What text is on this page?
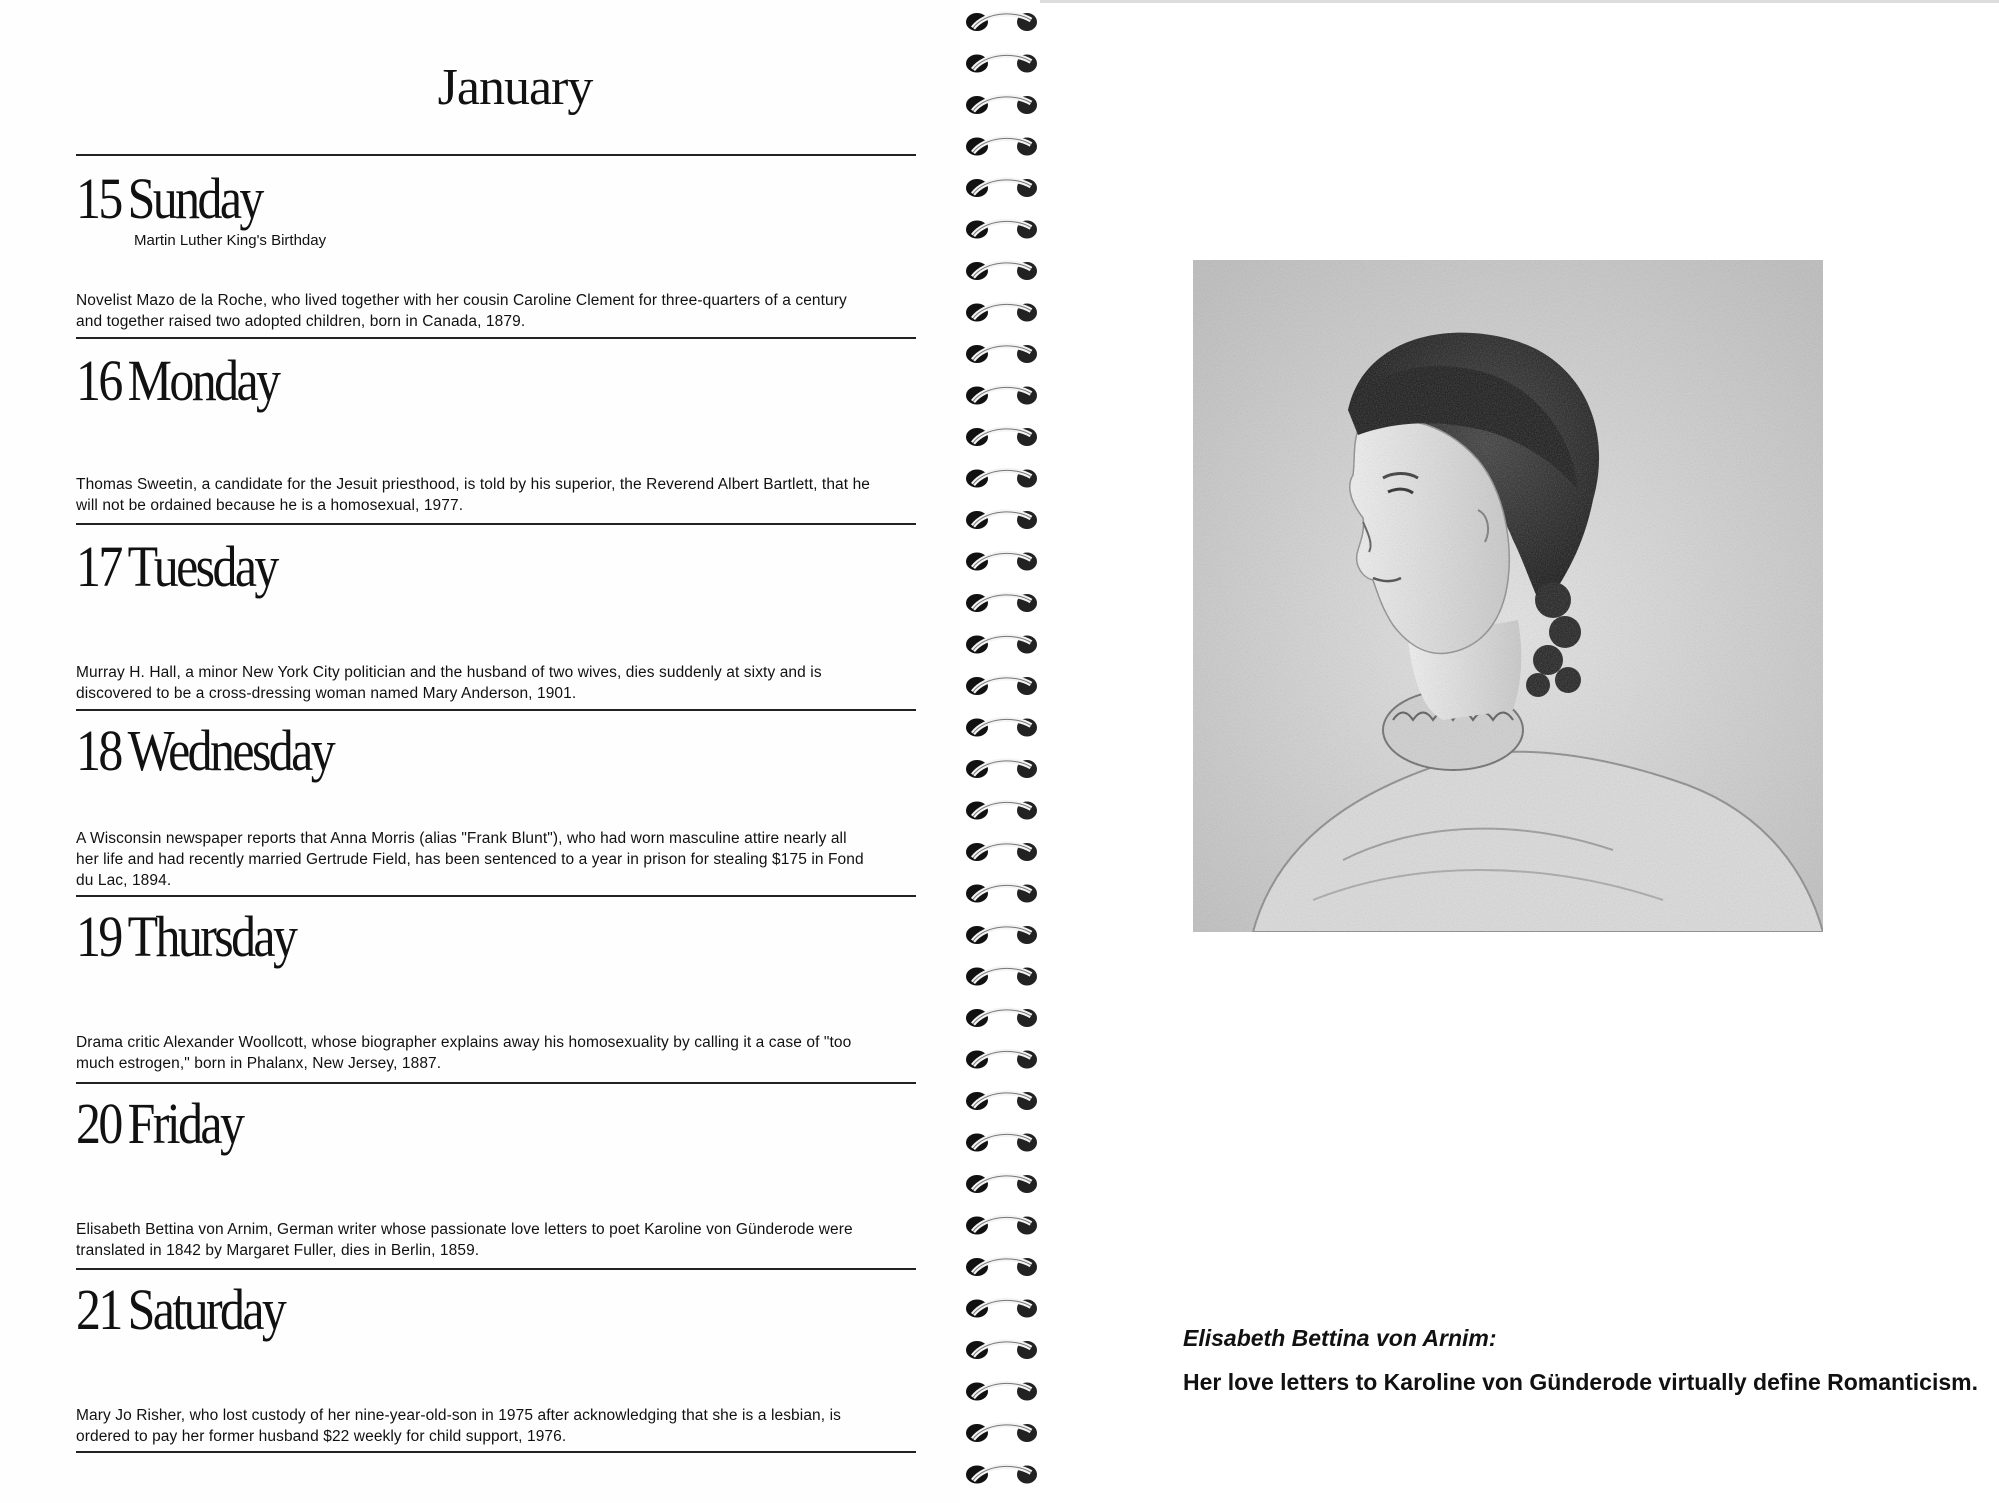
January
15 Sunday
Martin Luther King's Birthday
Novelist Mazo de la Roche, who lived together with her cousin Caroline Clement for three-quarters of a century
and together raised two adopted children, born in Canada, 1879.
16 Monday
Thomas Sweetin, a candidate for the Jesuit priesthood, is told by his superior, the Reverend Albert Bartlett, that he
will not be ordained because he is a homosexual, 1977.
17 Tuesday
Murray H. Hall, a minor New York City politician and the husband of two wives, dies suddenly at sixty and is
discovered to be a cross-dressing woman named Mary Anderson, 1901.
18 Wednesday
A Wisconsin newspaper reports that Anna Morris (alias "Frank Blunt"), who had worn masculine attire nearly all
her life and had recently married Gertrude Field, has been sentenced to a year in prison for stealing $175 in Fond
du Lac, 1894.
19 Thursday
Drama critic Alexander Woollcott, whose biographer explains away his homosexuality by calling it a case of "too
much estrogen," born in Phalanx, New Jersey, 1887.
20 Friday
Elisabeth Bettina von Arnim, German writer whose passionate love letters to poet Karoline von Günderode were
translated in 1842 by Margaret Fuller, dies in Berlin, 1859.
21 Saturday
Mary Jo Risher, who lost custody of her nine-year-old-son in 1975 after acknowledging that she is a lesbian, is
ordered to pay her former husband $22 weekly for child support, 1976.
Elisabeth Bettina von Arnim:
Her love letters to Karoline von Günderode virtually define Romanticism.
